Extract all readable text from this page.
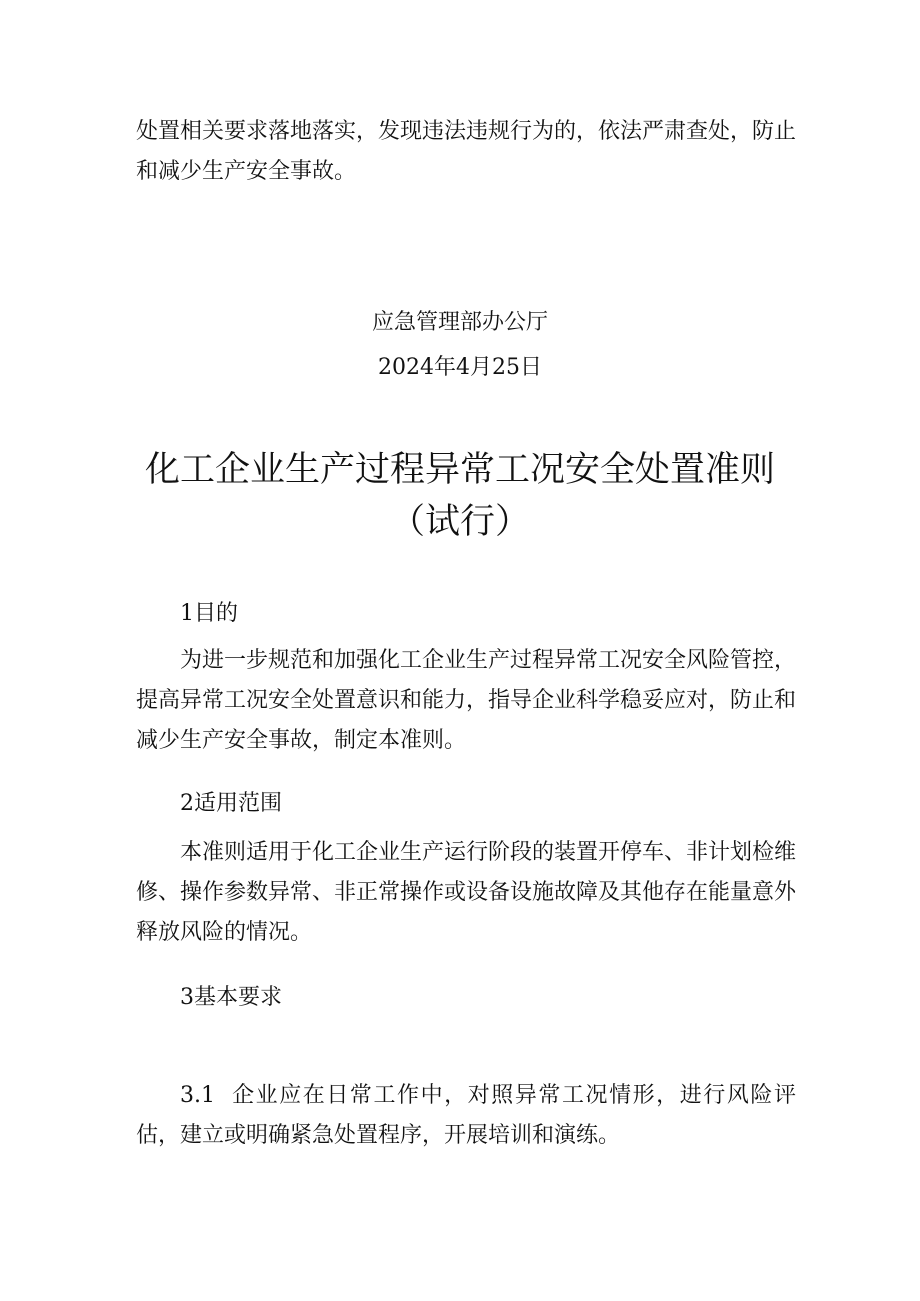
处置相关要求落地落实，发现违法违规行为的，依法严肃查处，防止和减少生产安全事故。

应急管理部办公厅

2024年4月25日

化工企业生产过程异常工况安全处置准则
（试行）

1目的

为进一步规范和加强化工企业生产过程异常工况安全风险管控，提高异常工况安全处置意识和能力，指导企业科学稳妥应对，防止和减少生产安全事故，制定本准则。

2适用范围

本准则适用于化工企业生产运行阶段的装置开停车、非计划检维修、操作参数异常、非正常操作或设备设施故障及其他存在能量意外释放风险的情况。

3基本要求

3.1  企业应在日常工作中，对照异常工况情形，进行风险评估，建立或明确紧急处置程序，开展培训和演练。
